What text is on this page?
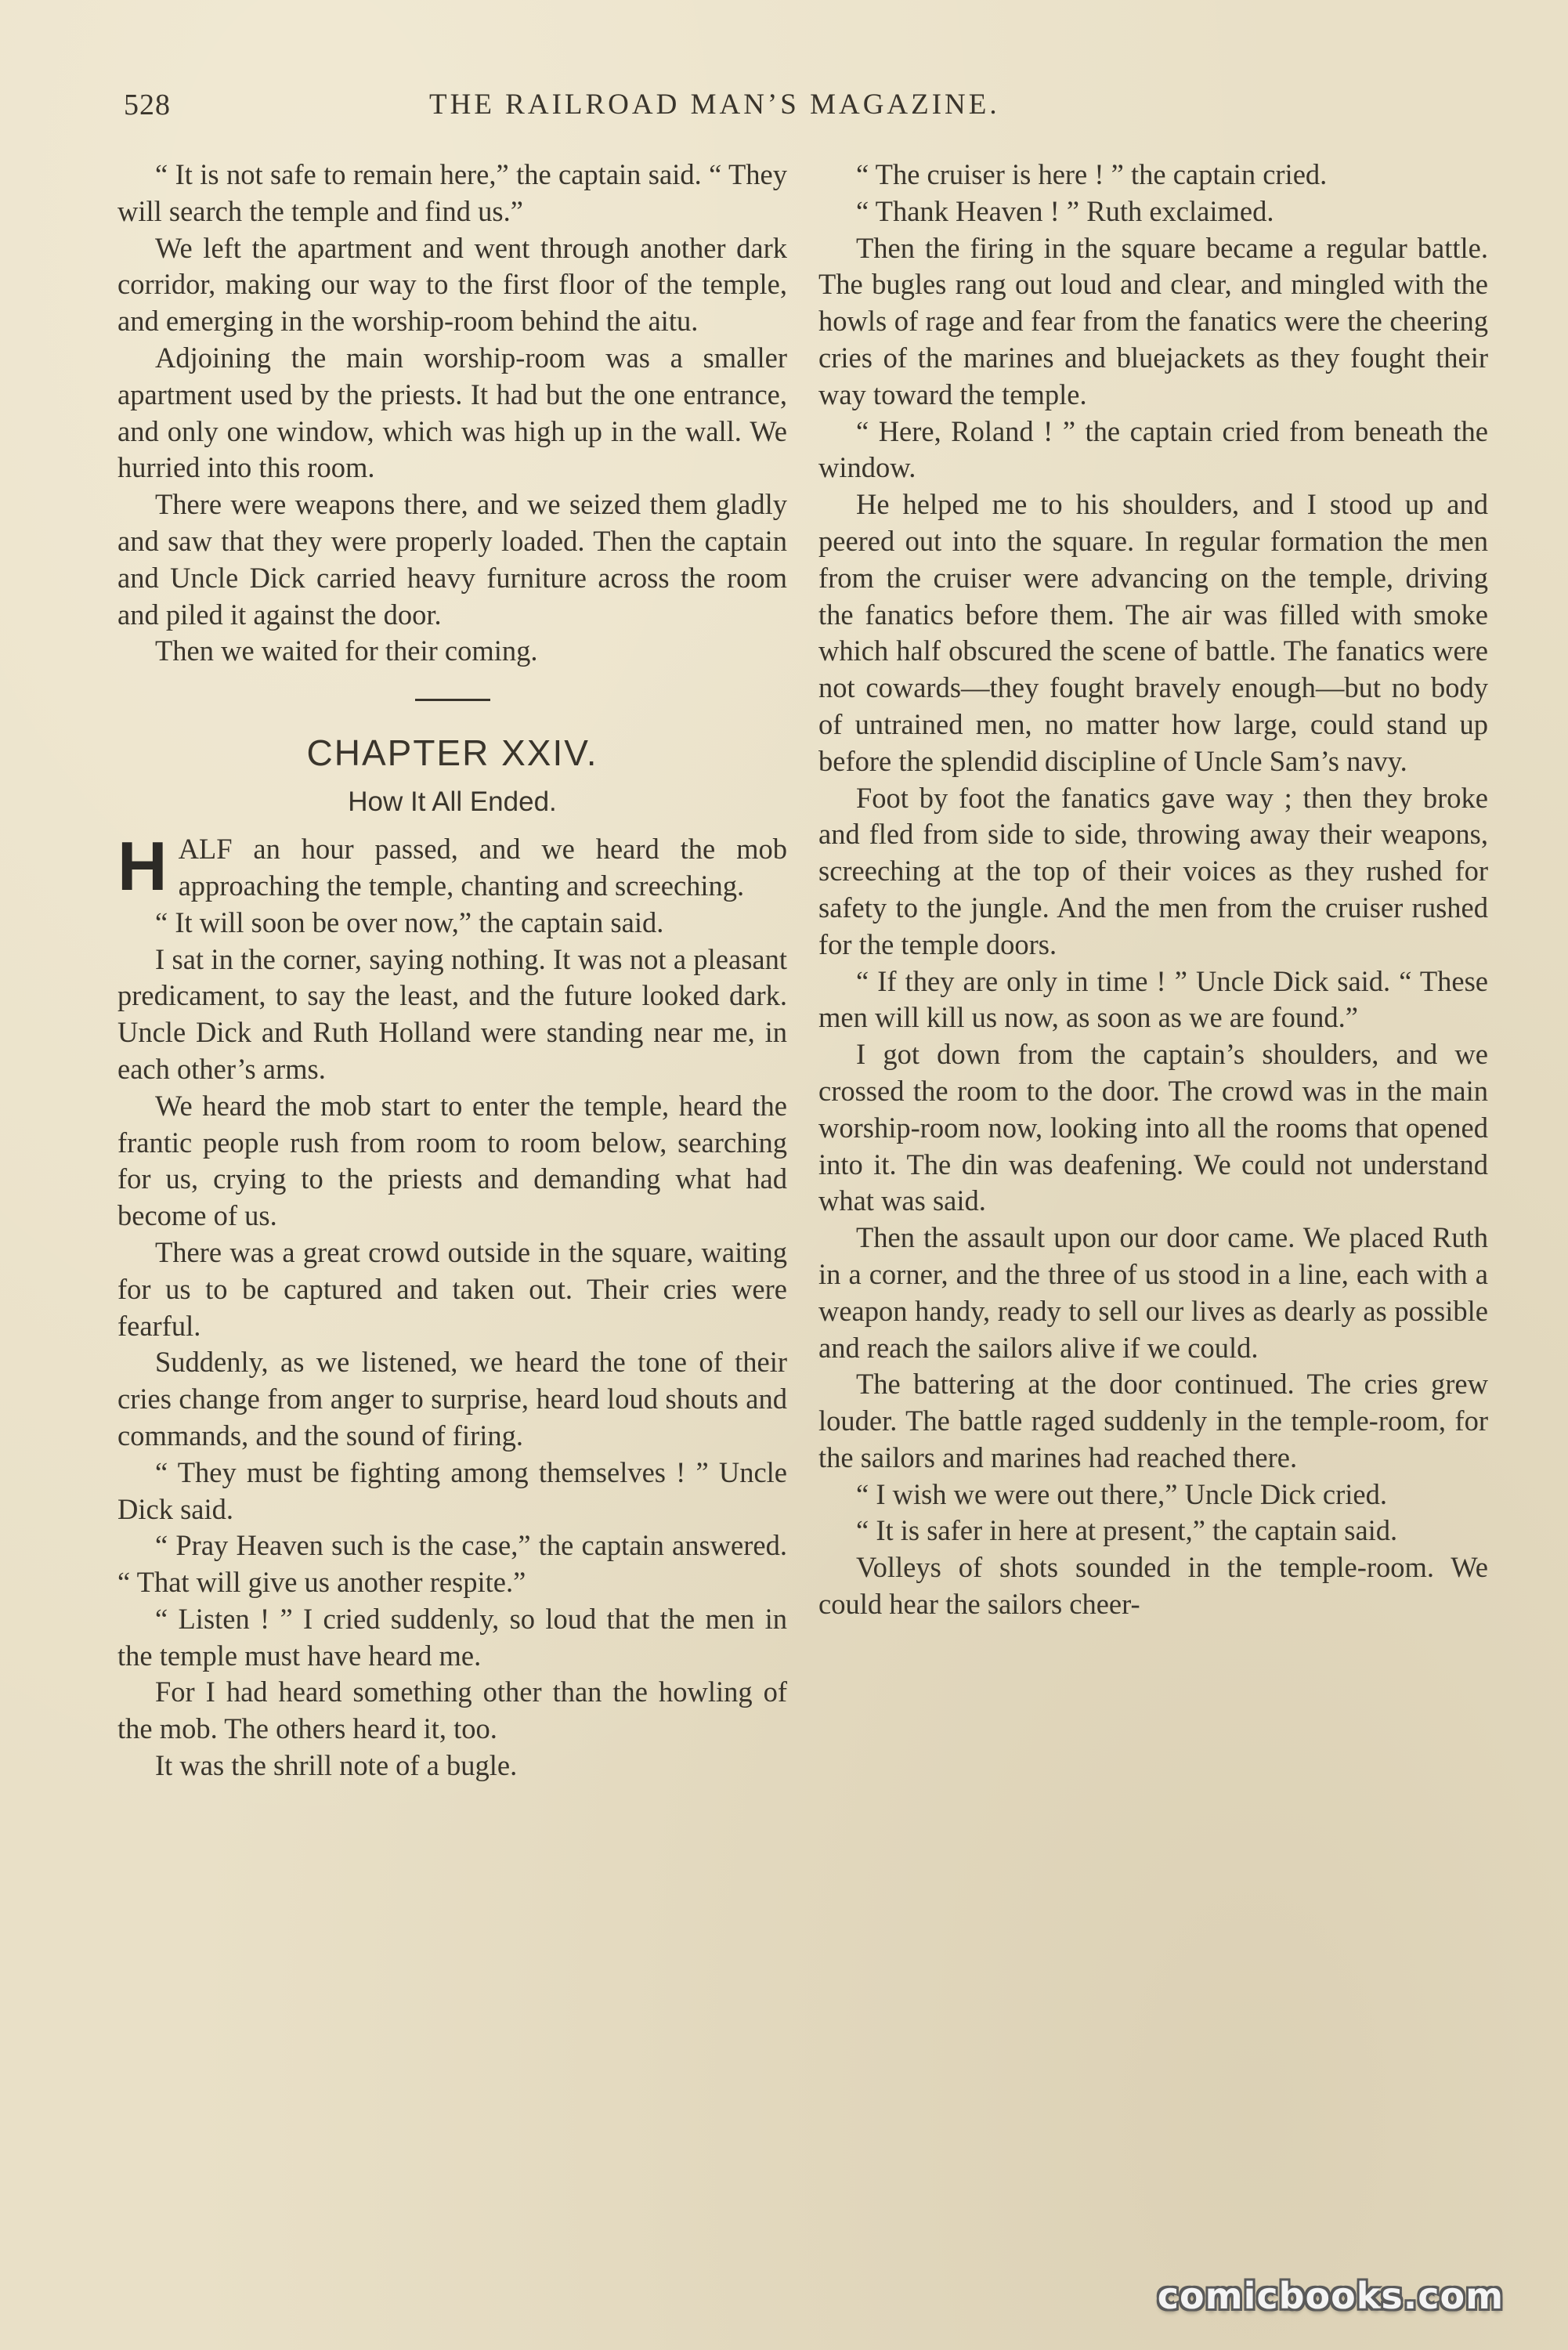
528	THE RAILROAD MAN’S MAGAZINE.

“ It is not safe to remain here,” the captain said. “ They will search the temple and find us.”

We left the apartment and went through another dark corridor, making our way to the first floor of the temple, and emerging in the worship-room behind the aitu.

Adjoining the main worship-room was a smaller apartment used by the priests. It had but the one entrance, and only one window, which was high up in the wall. We hurried into this room.

There were weapons there, and we seized them gladly and saw that they were properly loaded. Then the captain and Uncle Dick carried heavy furniture across the room and piled it against the door.

Then we waited for their coming.

CHAPTER XXIV.
How It All Ended.

HALF an hour passed, and we heard the mob approaching the temple, chanting and screeching.

“ It will soon be over now,” the captain said.

I sat in the corner, saying nothing. It was not a pleasant predicament, to say the least, and the future looked dark. Uncle Dick and Ruth Holland were standing near me, in each other’s arms.

We heard the mob start to enter the temple, heard the frantic people rush from room to room below, searching for us, crying to the priests and demanding what had become of us.

There was a great crowd outside in the square, waiting for us to be captured and taken out. Their cries were fearful.

Suddenly, as we listened, we heard the tone of their cries change from anger to surprise, heard loud shouts and commands, and the sound of firing.

“ They must be fighting among themselves ! ” Uncle Dick said.

“ Pray Heaven such is the case,” the captain answered. “ That will give us another respite.”

“ Listen ! ” I cried suddenly, so loud that the men in the temple must have heard me.

For I had heard something other than the howling of the mob. The others heard it, too.

It was the shrill note of a bugle.

“ The cruiser is here ! ” the captain cried.

“ Thank Heaven ! ” Ruth exclaimed.

Then the firing in the square became a regular battle. The bugles rang out loud and clear, and mingled with the howls of rage and fear from the fanatics were the cheering cries of the marines and bluejackets as they fought their way toward the temple.

“ Here, Roland ! ” the captain cried from beneath the window.

He helped me to his shoulders, and I stood up and peered out into the square. In regular formation the men from the cruiser were advancing on the temple, driving the fanatics before them. The air was filled with smoke which half obscured the scene of battle. The fanatics were not cowards—they fought bravely enough—but no body of untrained men, no matter how large, could stand up before the splendid discipline of Uncle Sam’s navy.

Foot by foot the fanatics gave way ; then they broke and fled from side to side, throwing away their weapons, screeching at the top of their voices as they rushed for safety to the jungle. And the men from the cruiser rushed for the temple doors.

“ If they are only in time ! ” Uncle Dick said. “ These men will kill us now, as soon as we are found.”

I got down from the captain’s shoulders, and we crossed the room to the door. The crowd was in the main worship-room now, looking into all the rooms that opened into it. The din was deafening. We could not understand what was said.

Then the assault upon our door came. We placed Ruth in a corner, and the three of us stood in a line, each with a weapon handy, ready to sell our lives as dearly as possible and reach the sailors alive if we could.

The battering at the door continued. The cries grew louder. The battle raged suddenly in the temple-room, for the sailors and marines had reached there.

“ I wish we were out there,” Uncle Dick cried.

“ It is safer in here at present,” the captain said.

Volleys of shots sounded in the temple-room. We could hear the sailors cheer-

comicbooks.com
